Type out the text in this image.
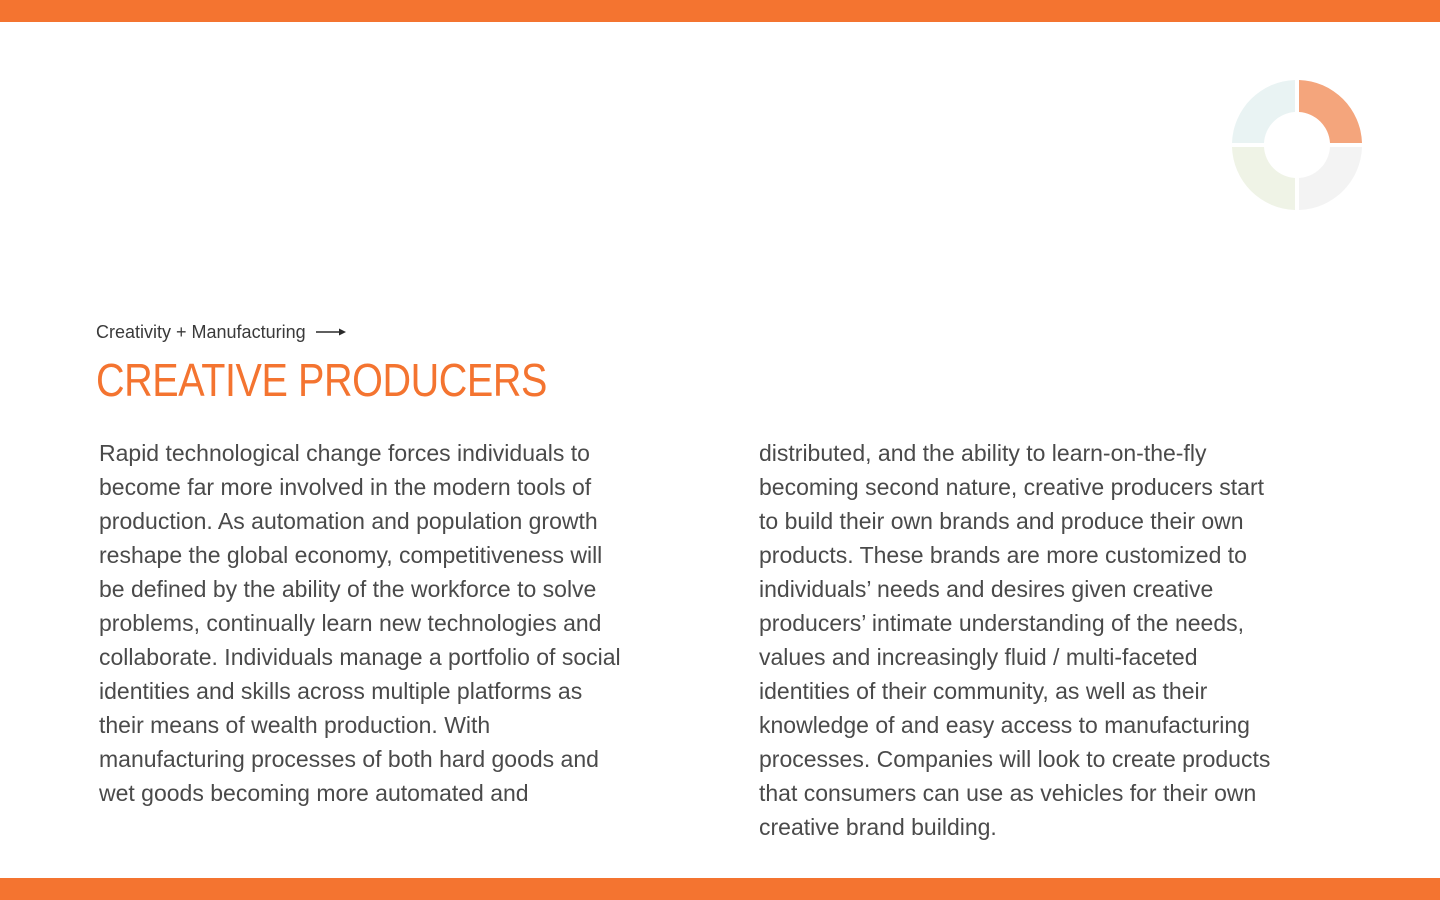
Creativity + Manufacturing
CREATIVE PRODUCERS
Rapid technological change forces individuals to
become far more involved in the modern tools of
production. As automation and population growth
reshape the global economy, competitiveness will
be defined by the ability of the workforce to solve
problems, continually learn new technologies and
collaborate. Individuals manage a portfolio of social
identities and skills across multiple platforms as
their means of wealth production. With
manufacturing processes of both hard goods and
wet goods becoming more automated and
distributed, and the ability to learn-on-the-fly
becoming second nature, creative producers start
to build their own brands and produce their own
products. These brands are more customized to
individuals’ needs and desires given creative
producers’ intimate understanding of the needs,
values and increasingly fluid / multi-faceted
identities of their community, as well as their
knowledge of and easy access to manufacturing
processes. Companies will look to create products
that consumers can use as vehicles for their own
creative brand building.
